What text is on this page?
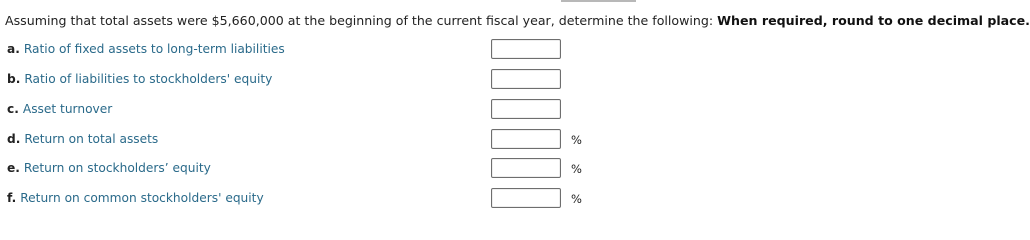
Assuming that total assets were $5,660,000 at the beginning of the current fiscal year, determine the following: When required, round to one decimal place.
a. Ratio of fixed assets to long-term liabilities
b. Ratio of liabilities to stockholders' equity
c. Asset turnover
d. Return on total assets	%
e. Return on stockholders’ equity	%
f. Return on common stockholders' equity	%
